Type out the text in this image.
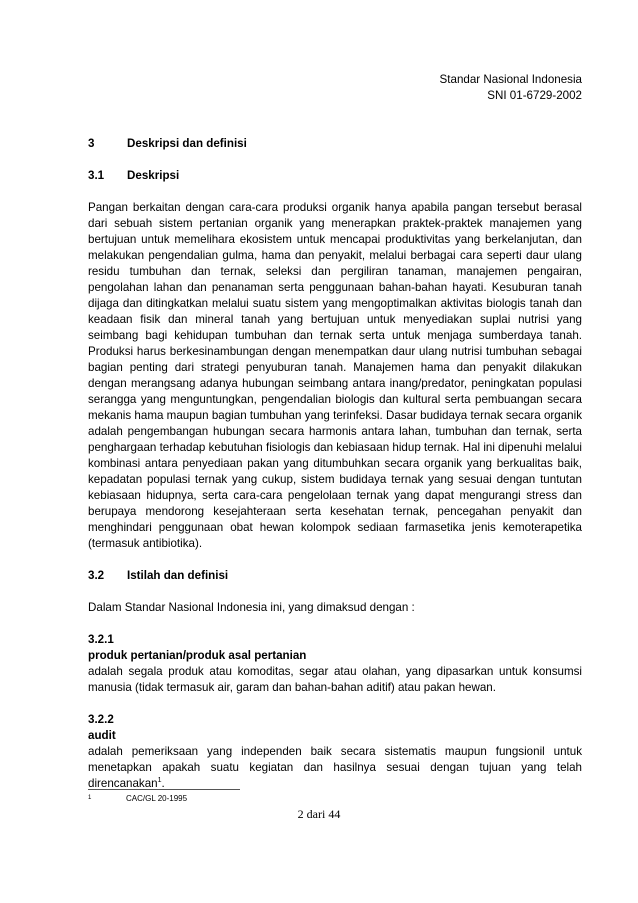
Standar Nasional Indonesia
SNI 01-6729-2002
3	Deskripsi dan definisi
3.1	Deskripsi

Pangan berkaitan dengan cara-cara produksi organik hanya apabila pangan tersebut berasal dari sebuah sistem pertanian organik yang menerapkan praktek-praktek manajemen yang bertujuan untuk memelihara ekosistem untuk mencapai produktivitas yang berkelanjutan, dan melakukan pengendalian gulma, hama dan penyakit, melalui berbagai cara seperti daur ulang residu tumbuhan dan ternak, seleksi dan pergiliran tanaman, manajemen pengairan, pengolahan lahan dan penanaman serta penggunaan bahan-bahan hayati. Kesuburan tanah dijaga dan ditingkatkan melalui suatu sistem yang mengoptimalkan aktivitas biologis tanah dan keadaan fisik dan mineral tanah yang bertujuan untuk menyediakan suplai nutrisi yang seimbang bagi kehidupan tumbuhan dan ternak serta untuk menjaga sumberdaya tanah. Produksi harus berkesinambungan dengan menempatkan daur ulang nutrisi tumbuhan sebagai bagian penting dari strategi penyuburan tanah. Manajemen hama dan penyakit dilakukan dengan merangsang adanya hubungan seimbang antara inang/predator, peningkatan populasi serangga yang menguntungkan, pengendalian biologis dan kultural serta pembuangan secara mekanis hama maupun bagian tumbuhan yang terinfeksi. Dasar budidaya ternak secara organik adalah pengembangan hubungan secara harmonis antara lahan, tumbuhan dan ternak, serta penghargaan terhadap kebutuhan fisiologis dan kebiasaan hidup ternak. Hal ini dipenuhi melalui kombinasi antara penyediaan pakan yang ditumbuhkan secara organik yang berkualitas baik, kepadatan populasi ternak yang cukup, sistem budidaya ternak yang sesuai dengan tuntutan kebiasaan hidupnya, serta cara-cara pengelolaan ternak yang dapat mengurangi stress dan berupaya mendorong kesejahteraan serta kesehatan ternak, pencegahan penyakit dan menghindari penggunaan obat hewan kolompok sediaan farmasetika jenis kemoterapetika (termasuk antibiotika).

3.2	Istilah dan definisi

Dalam Standar Nasional Indonesia ini, yang dimaksud dengan :

3.2.1
produk pertanian/produk asal pertanian

adalah segala produk atau komoditas, segar atau olahan, yang dipasarkan untuk konsumsi manusia (tidak termasuk air, garam dan bahan-bahan aditif) atau pakan hewan.

3.2.2
audit

adalah pemeriksaan yang independen baik secara sistematis maupun fungsionil untuk menetapkan apakah suatu kegiatan dan hasilnya sesuai dengan tujuan yang telah direncanakan$^1$.

1	CAC/GL 20-1995
2 dari 44
